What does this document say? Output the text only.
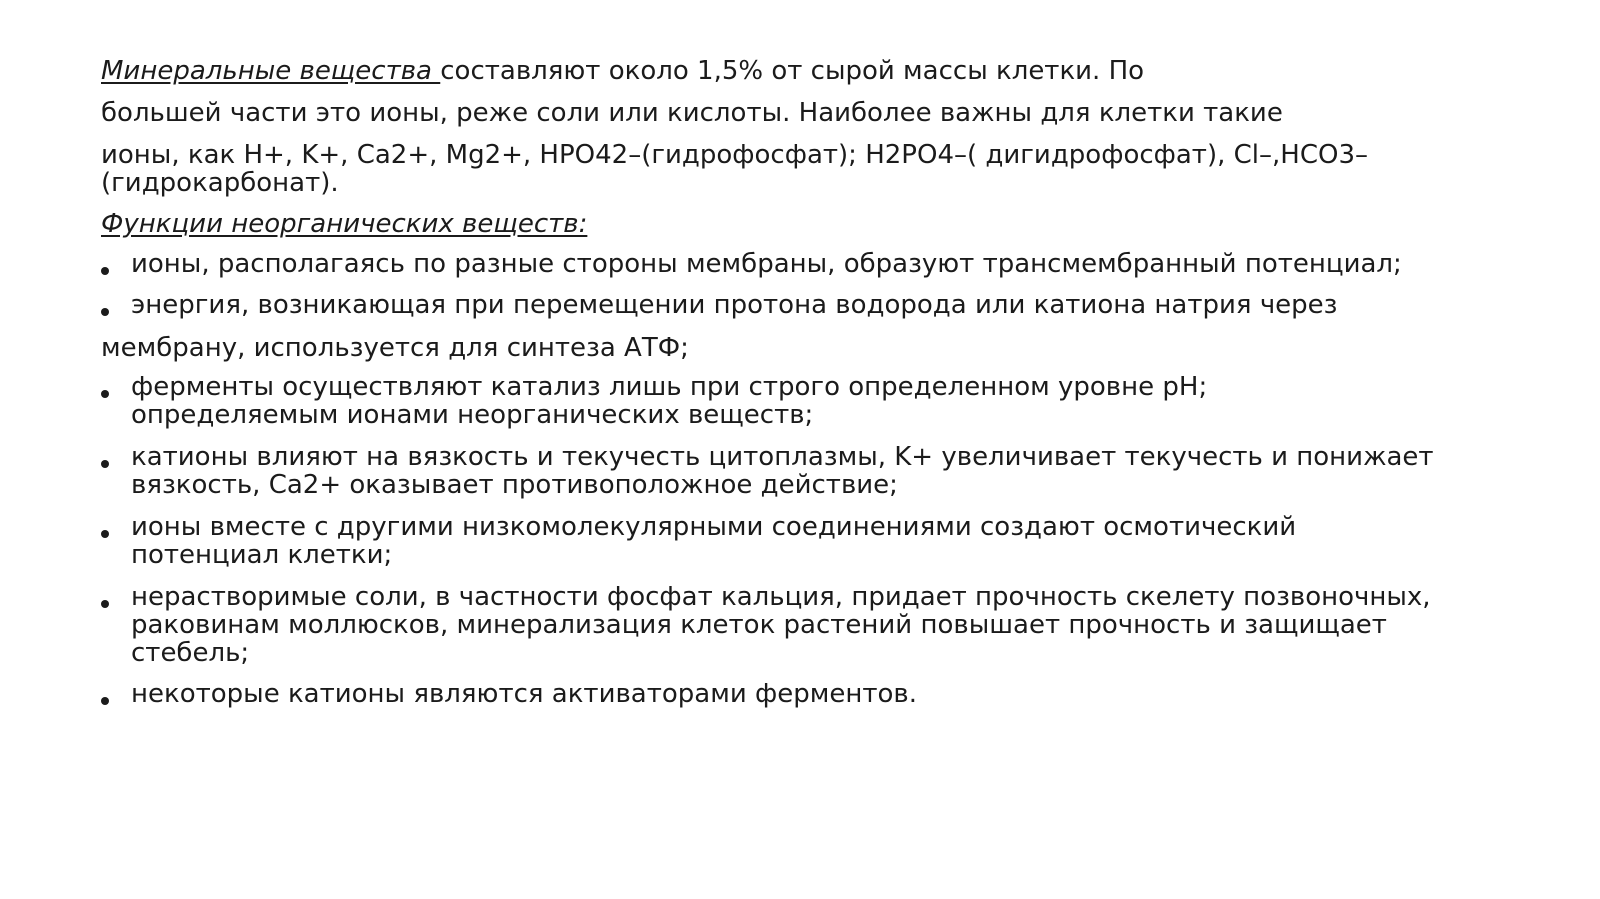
Минеральные вещества составляют около 1,5% от сырой массы клетки. По
большей части это ионы, реже соли или кислоты. Наиболее важны для клетки такие
ионы, как H+, K+, Ca2+, Mg2+, HPO42–(гидрофосфат); H2PO4–( дигидрофосфат), Cl–,HCO3–
(гидрокарбонат).
Функции неорганических веществ:
ионы, располагаясь по разные стороны мембраны, образуют трансмембранный потенциал;
энергия, возникающая при перемещении протона водорода или катиона натрия через
мембрану, используется для синтеза АТФ;
ферменты осуществляют катализ лишь при строго определенном уровне pH;
определяемым ионами неорганических веществ;
катионы влияют на вязкость и текучесть цитоплазмы, K+ увеличивает текучесть и понижает
вязкость, Ca2+ оказывает противоположное действие;
ионы вместе с другими низкомолекулярными соединениями создают осмотический
потенциал клетки;
нерастворимые соли, в частности фосфат кальция, придает прочность скелету позвоночных,
раковинам моллюсков, минерализация клеток растений повышает прочность и защищает
стебель;
некоторые катионы являются активаторами ферментов.
